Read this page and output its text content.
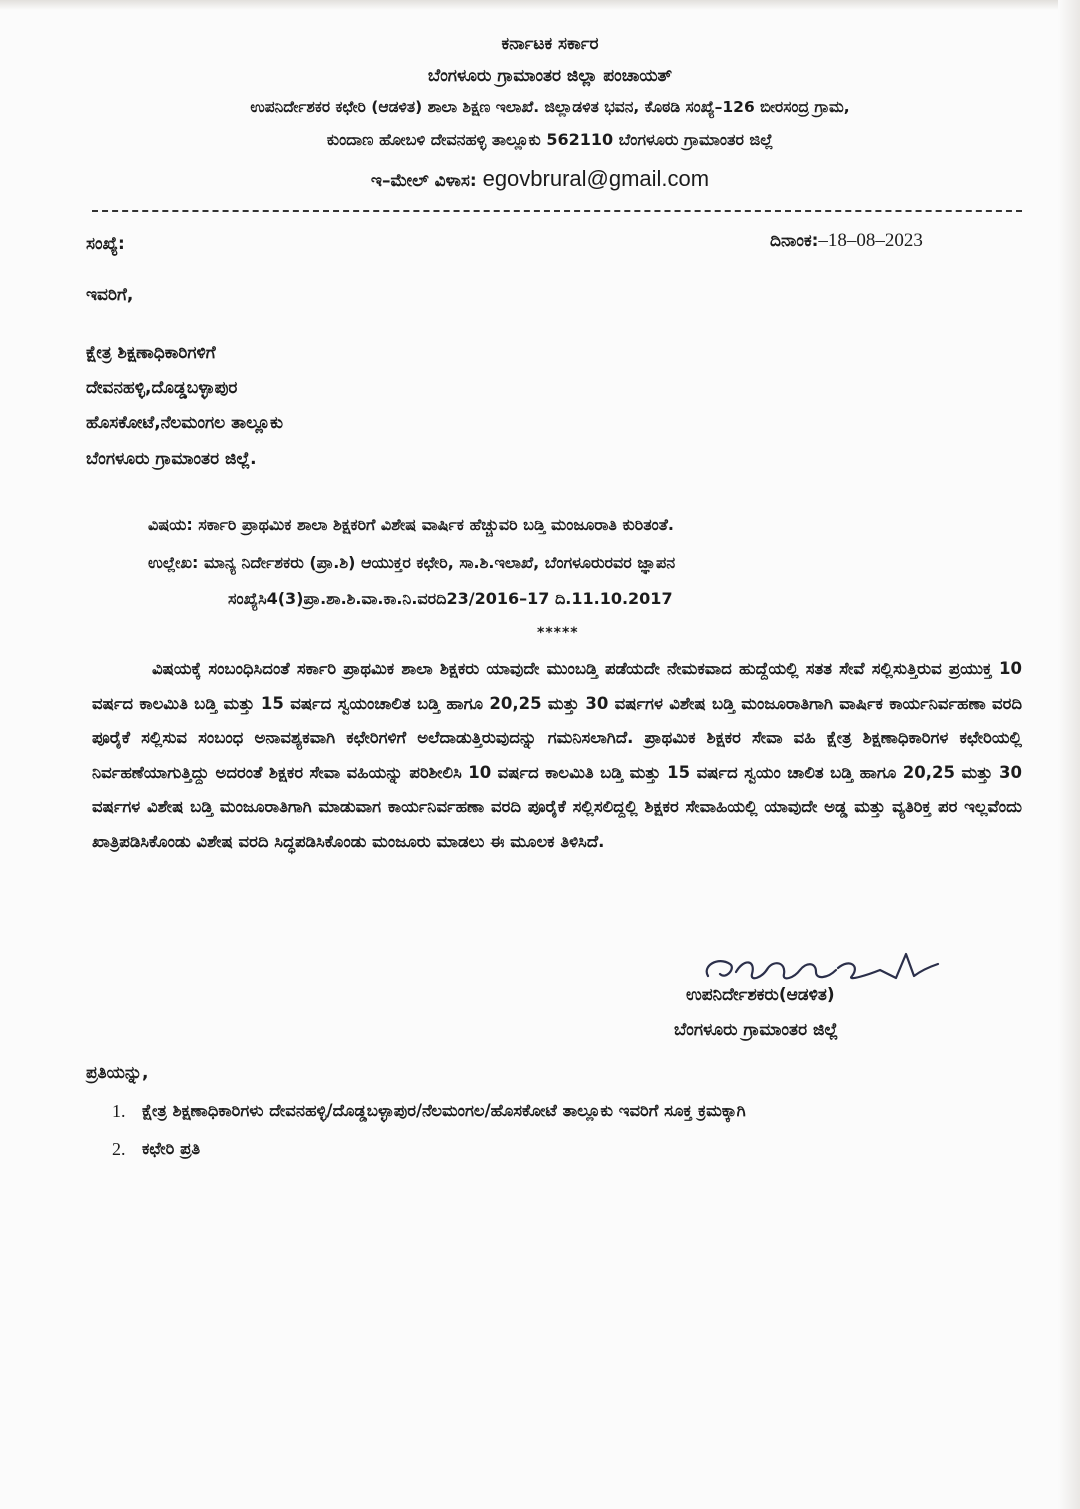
ಕರ್ನಾಟಕ ಸರ್ಕಾರ
ಬೆಂಗಳೂರು ಗ್ರಾಮಾಂತರ ಜಿಲ್ಲಾ ಪಂಚಾಯತ್
ಉಪನಿರ್ದೇಶಕರ ಕಛೇರಿ (ಆಡಳಿತ) ಶಾಲಾ ಶಿಕ್ಷಣ ಇಲಾಖೆ. ಜಿಲ್ಲಾಡಳಿತ ಭವನ, ಕೊಠಡಿ ಸಂಖ್ಯೆ–126 ಬೀರಸಂದ್ರ ಗ್ರಾಮ,
ಕುಂದಾಣ ಹೋಬಳಿ ದೇವನಹಳ್ಳಿ ತಾಲ್ಲೂಕು 562110 ಬೆಂಗಳೂರು ಗ್ರಾಮಾಂತರ ಜಿಲ್ಲೆ
ಇ–ಮೇಲ್ ವಿಳಾಸ: egovbrural@gmail.com
ಸಂಖ್ಯೆ:	ದಿನಾಂಕ:–18–08–2023
ಇವರಿಗೆ,
ಕ್ಷೇತ್ರ ಶಿಕ್ಷಣಾಧಿಕಾರಿಗಳಿಗೆ
ದೇವನಹಳ್ಳಿ,ದೊಡ್ಡಬಳ್ಳಾಪುರ
ಹೊಸಕೋಟೆ,ನೆಲಮಂಗಲ ತಾಲ್ಲೂಕು
ಬೆಂಗಳೂರು ಗ್ರಾಮಾಂತರ ಜಿಲ್ಲೆ.
ವಿಷಯ: ಸರ್ಕಾರಿ ಪ್ರಾಥಮಿಕ ಶಾಲಾ ಶಿಕ್ಷಕರಿಗೆ ವಿಶೇಷ ವಾರ್ಷಿಕ ಹೆಚ್ಚುವರಿ ಬಡ್ತಿ ಮಂಜೂರಾತಿ ಕುರಿತಂತೆ.
ಉಲ್ಲೇಖ: ಮಾನ್ಯ ನಿರ್ದೇಶಕರು (ಪ್ರಾ.ಶಿ) ಆಯುಕ್ತರ ಕಛೇರಿ, ಸಾ.ಶಿ.ಇಲಾಖೆ, ಬೆಂಗಳೂರುರವರ ಜ್ಞಾಪನ
ಸಂಖ್ಯೆಸಿ4(3)ಪ್ರಾ.ಶಾ.ಶಿ.ವಾ.ಕಾ.ನಿ.ವರದಿ23/2016–17 ದಿ.11.10.2017
*****
ವಿಷಯಕ್ಕೆ ಸಂಬಂಧಿಸಿದಂತೆ ಸರ್ಕಾರಿ ಪ್ರಾಥಮಿಕ ಶಾಲಾ ಶಿಕ್ಷಕರು ಯಾವುದೇ ಮುಂಬಡ್ತಿ ಪಡೆಯದೇ ನೇಮಕವಾದ ಹುದ್ದೆಯಲ್ಲಿ ಸತತ ಸೇವೆ ಸಲ್ಲಿಸುತ್ತಿರುವ ಪ್ರಯುಕ್ತ 10 ವರ್ಷದ ಕಾಲಮಿತಿ ಬಡ್ತಿ ಮತ್ತು 15 ವರ್ಷದ ಸ್ವಯಂಚಾಲಿತ ಬಡ್ತಿ ಹಾಗೂ 20,25 ಮತ್ತು 30 ವರ್ಷಗಳ ವಿಶೇಷ ಬಡ್ತಿ ಮಂಜೂರಾತಿಗಾಗಿ ವಾರ್ಷಿಕ ಕಾರ್ಯನಿರ್ವಹಣಾ ವರದಿ ಪೂರೈಕೆ ಸಲ್ಲಿಸುವ ಸಂಬಂಧ ಅನಾವಶ್ಯಕವಾಗಿ ಕಛೇರಿಗಳಿಗೆ ಅಲೆದಾಡುತ್ತಿರುವುದನ್ನು ಗಮನಿಸಲಾಗಿದೆ. ಪ್ರಾಥಮಿಕ ಶಿಕ್ಷಕರ ಸೇವಾ ವಹಿ ಕ್ಷೇತ್ರ ಶಿಕ್ಷಣಾಧಿಕಾರಿಗಳ ಕಛೇರಿಯಲ್ಲಿ ನಿರ್ವಹಣೆಯಾಗುತ್ತಿದ್ದು ಅದರಂತೆ ಶಿಕ್ಷಕರ ಸೇವಾ ವಹಿಯನ್ನು ಪರಿಶೀಲಿಸಿ 10 ವರ್ಷದ ಕಾಲಮಿತಿ ಬಡ್ತಿ ಮತ್ತು 15 ವರ್ಷದ ಸ್ವಯಂ ಚಾಲಿತ ಬಡ್ತಿ ಹಾಗೂ 20,25 ಮತ್ತು 30 ವರ್ಷಗಳ ವಿಶೇಷ ಬಡ್ತಿ ಮಂಜೂರಾತಿಗಾಗಿ ಮಾಡುವಾಗ ಕಾರ್ಯನಿರ್ವಹಣಾ ವರದಿ ಪೂರೈಕೆ ಸಲ್ಲಿಸಲಿದ್ದಲ್ಲಿ ಶಿಕ್ಷಕರ ಸೇವಾಹಿಯಲ್ಲಿ ಯಾವುದೇ ಅಡ್ಡ ಮತ್ತು ವ್ಯತಿರಿಕ್ತ ಪರ ಇಲ್ಲವೆಂದು ಖಾತ್ರಿಪಡಿಸಿಕೊಂಡು ವಿಶೇಷ ವರದಿ ಸಿದ್ಧಪಡಿಸಿಕೊಂಡು ಮಂಜೂರು ಮಾಡಲು ಈ ಮೂಲಕ ತಿಳಿಸಿದೆ.
ಉಪನಿರ್ದೇಶಕರು(ಆಡಳಿತ)
ಬೆಂಗಳೂರು ಗ್ರಾಮಾಂತರ ಜಿಲ್ಲೆ
ಪ್ರತಿಯನ್ನು,
1. ಕ್ಷೇತ್ರ ಶಿಕ್ಷಣಾಧಿಕಾರಿಗಳು ದೇವನಹಳ್ಳಿ/ದೊಡ್ಡಬಳ್ಳಾಪುರ/ನೆಲಮಂಗಲ/ಹೊಸಕೋಟೆ ತಾಲ್ಲೂಕು ಇವರಿಗೆ ಸೂಕ್ತ ಕ್ರಮಕ್ಕಾಗಿ
2. ಕಛೇರಿ ಪ್ರತಿ
